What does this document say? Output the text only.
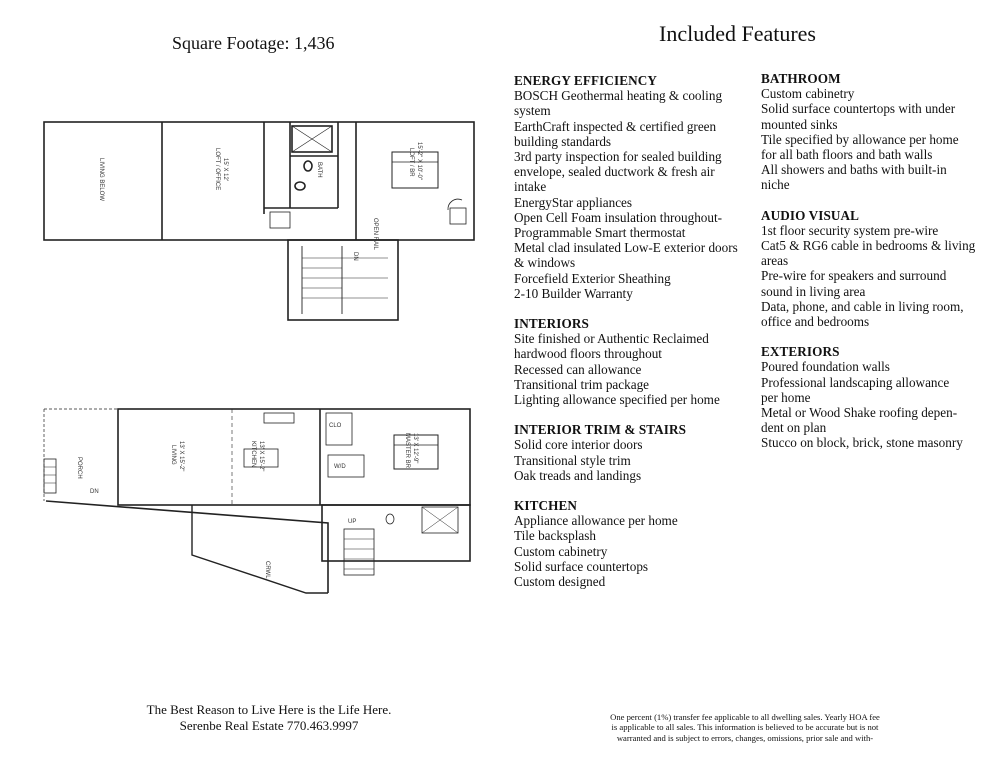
Square Footage: 1,436	Included Features
LIVING BELOW	LOFT / OFFICE 15' X 12'	BATH	LOFT / BR 15'-2" X 10'-0"
OPEN RAIL
DN
PORCH
LIVING 13' X 15'-2"	KITCHEN 13' X 15'-2"
CLO
W/D	MASTER BR 13' X 12'-9"
CRWL
UP
DN
ENERGY EFFICIENCY
BOSCH Geothermal heating & cooling
system
EarthCraft inspected & certified green
building standards
3rd party inspection for sealed building
envelope, sealed ductwork & fresh air
intake
EnergyStar appliances
Open Cell Foam insulation throughout-
Programmable Smart thermostat
Metal clad insulated Low-E exterior doors
& windows
Forcefield Exterior Sheathing
2-10 Builder Warranty
INTERIORS
Site finished or Authentic Reclaimed
hardwood floors throughout
Recessed can allowance
Transitional trim package
Lighting allowance specified per home
INTERIOR TRIM & STAIRS
Solid core interior doors
Transitional style trim
Oak treads and landings
KITCHEN
Appliance allowance per home
Tile backsplash
Custom cabinetry
Solid surface countertops
Custom designed
BATHROOM
Custom cabinetry
Solid surface countertops with under
mounted sinks
Tile specified by allowance per home
for all bath floors and bath walls
All showers and baths with built-in
niche
AUDIO VISUAL
1st floor security system pre-wire
Cat5 & RG6 cable in bedrooms & living
areas
Pre-wire for speakers and surround
sound in living area
Data, phone, and cable in living room,
office and bedrooms
EXTERIORS
Poured foundation walls
Professional landscaping allowance
per home
Metal or Wood Shake roofing depen-
dent on plan
Stucco on block, brick, stone masonry
The Best Reason to Live Here is the Life Here.
Serenbe Real Estate 770.463.9997
One percent (1%) transfer fee applicable to all dwelling sales. Yearly HOA fee
is applicable to all sales. This information is believed to be accurate but is not
warranted and is subject to errors, changes, omissions, prior sale and with-
